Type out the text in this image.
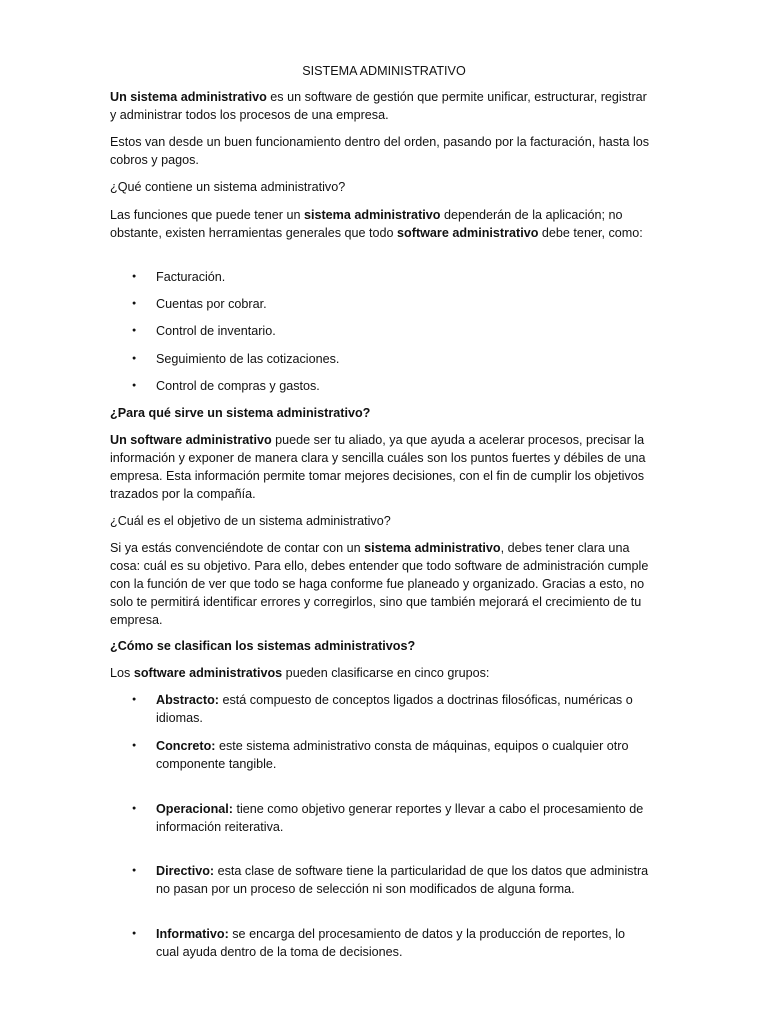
SISTEMA ADMINISTRATIVO

Un sistema administrativo es un software de gestión que permite unificar, estructurar, registrar y administrar todos los procesos de una empresa.

Estos van desde un buen funcionamiento dentro del orden, pasando por la facturación, hasta los cobros y pagos.

¿Qué contiene un sistema administrativo?

Las funciones que puede tener un sistema administrativo dependerán de la aplicación; no obstante, existen herramientas generales que todo software administrativo debe tener, como:

Facturación.
Cuentas por cobrar.
Control de inventario.
Seguimiento de las cotizaciones.
Control de compras y gastos.

¿Para qué sirve un sistema administrativo?

Un software administrativo puede ser tu aliado, ya que ayuda a acelerar procesos, precisar la información y exponer de manera clara y sencilla cuáles son los puntos fuertes y débiles de una empresa. Esta información permite tomar mejores decisiones, con el fin de cumplir los objetivos trazados por la compañía.

¿Cuál es el objetivo de un sistema administrativo?

Si ya estás convenciéndote de contar con un sistema administrativo, debes tener clara una cosa: cuál es su objetivo. Para ello, debes entender que todo software de administración cumple con la función de ver que todo se haga conforme fue planeado y organizado. Gracias a esto, no solo te permitirá identificar errores y corregirlos, sino que también mejorará el crecimiento de tu empresa.

¿Cómo se clasifican los sistemas administrativos?

Los software administrativos pueden clasificarse en cinco grupos:

Abstracto: está compuesto de conceptos ligados a doctrinas filosóficas, numéricas o idiomas.
Concreto: este sistema administrativo consta de máquinas, equipos o cualquier otro componente tangible.
Operacional: tiene como objetivo generar reportes y llevar a cabo el procesamiento de información reiterativa.
Directivo: esta clase de software tiene la particularidad de que los datos que administra no pasan por un proceso de selección ni son modificados de alguna forma.
Informativo: se encarga del procesamiento de datos y la producción de reportes, lo cual ayuda dentro de la toma de decisiones.
